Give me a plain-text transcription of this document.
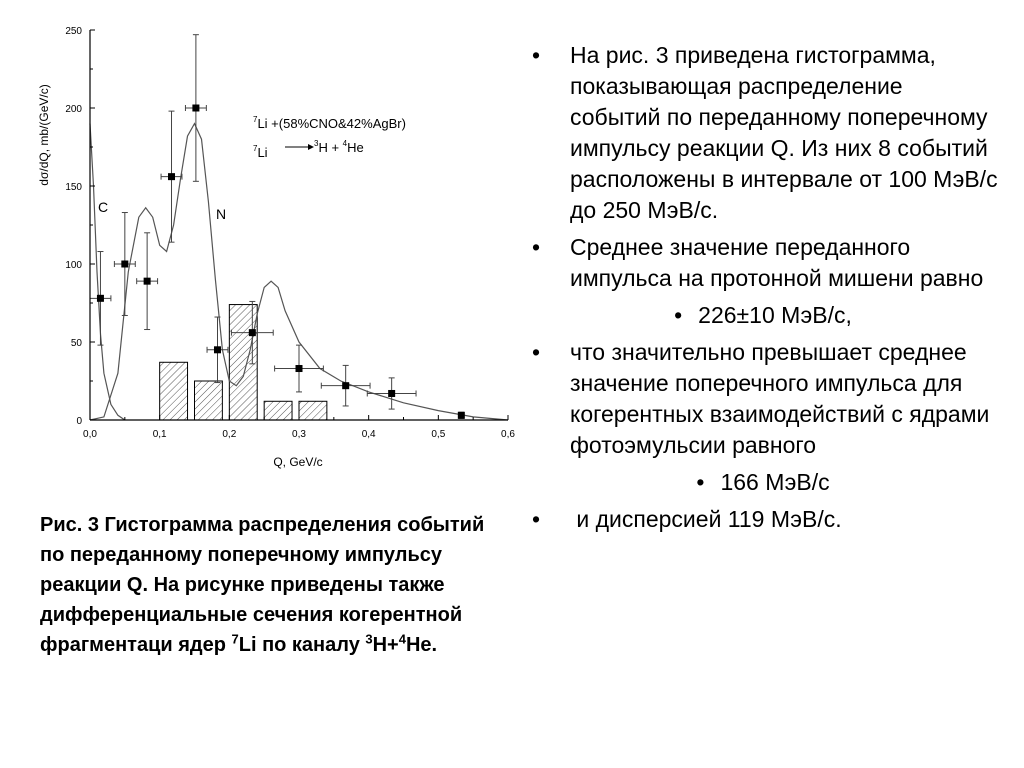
0
50
100
150
200
250
0,0	0,1	0,2	0,3	0,4	0,5	0,6
dσ/dQ, mb/(GeV/c)
Q, GeV/c
C	N
$^7$Li +(58%CNO&42%AgBr)
$^7$Li
$^3$H + $^4$He
Рис. 3 Гистограмма распределения событий по переданному поперечному импульсу реакции Q. На рисунке приведены также дифференциальные сечения когерентной фрагментаци ядер $^7$Li по каналу $^3$H+$^4$He.
• На рис. 3 приведена гистограмма, показывающая распределение событий по переданному поперечному импульсу реакции Q. Из них 8 событий расположены в интервале от 100 МэВ/с до 250 МэВ/с.
• Среднее значение переданного импульса на протонной мишени равно
• 226±10 МэВ/с,
• что значительно превышает среднее значение поперечного импульса для когерентных взаимодействий с ядрами фотоэмульсии равного
• 166 МэВ/с
• и дисперсией 119 МэВ/с.
